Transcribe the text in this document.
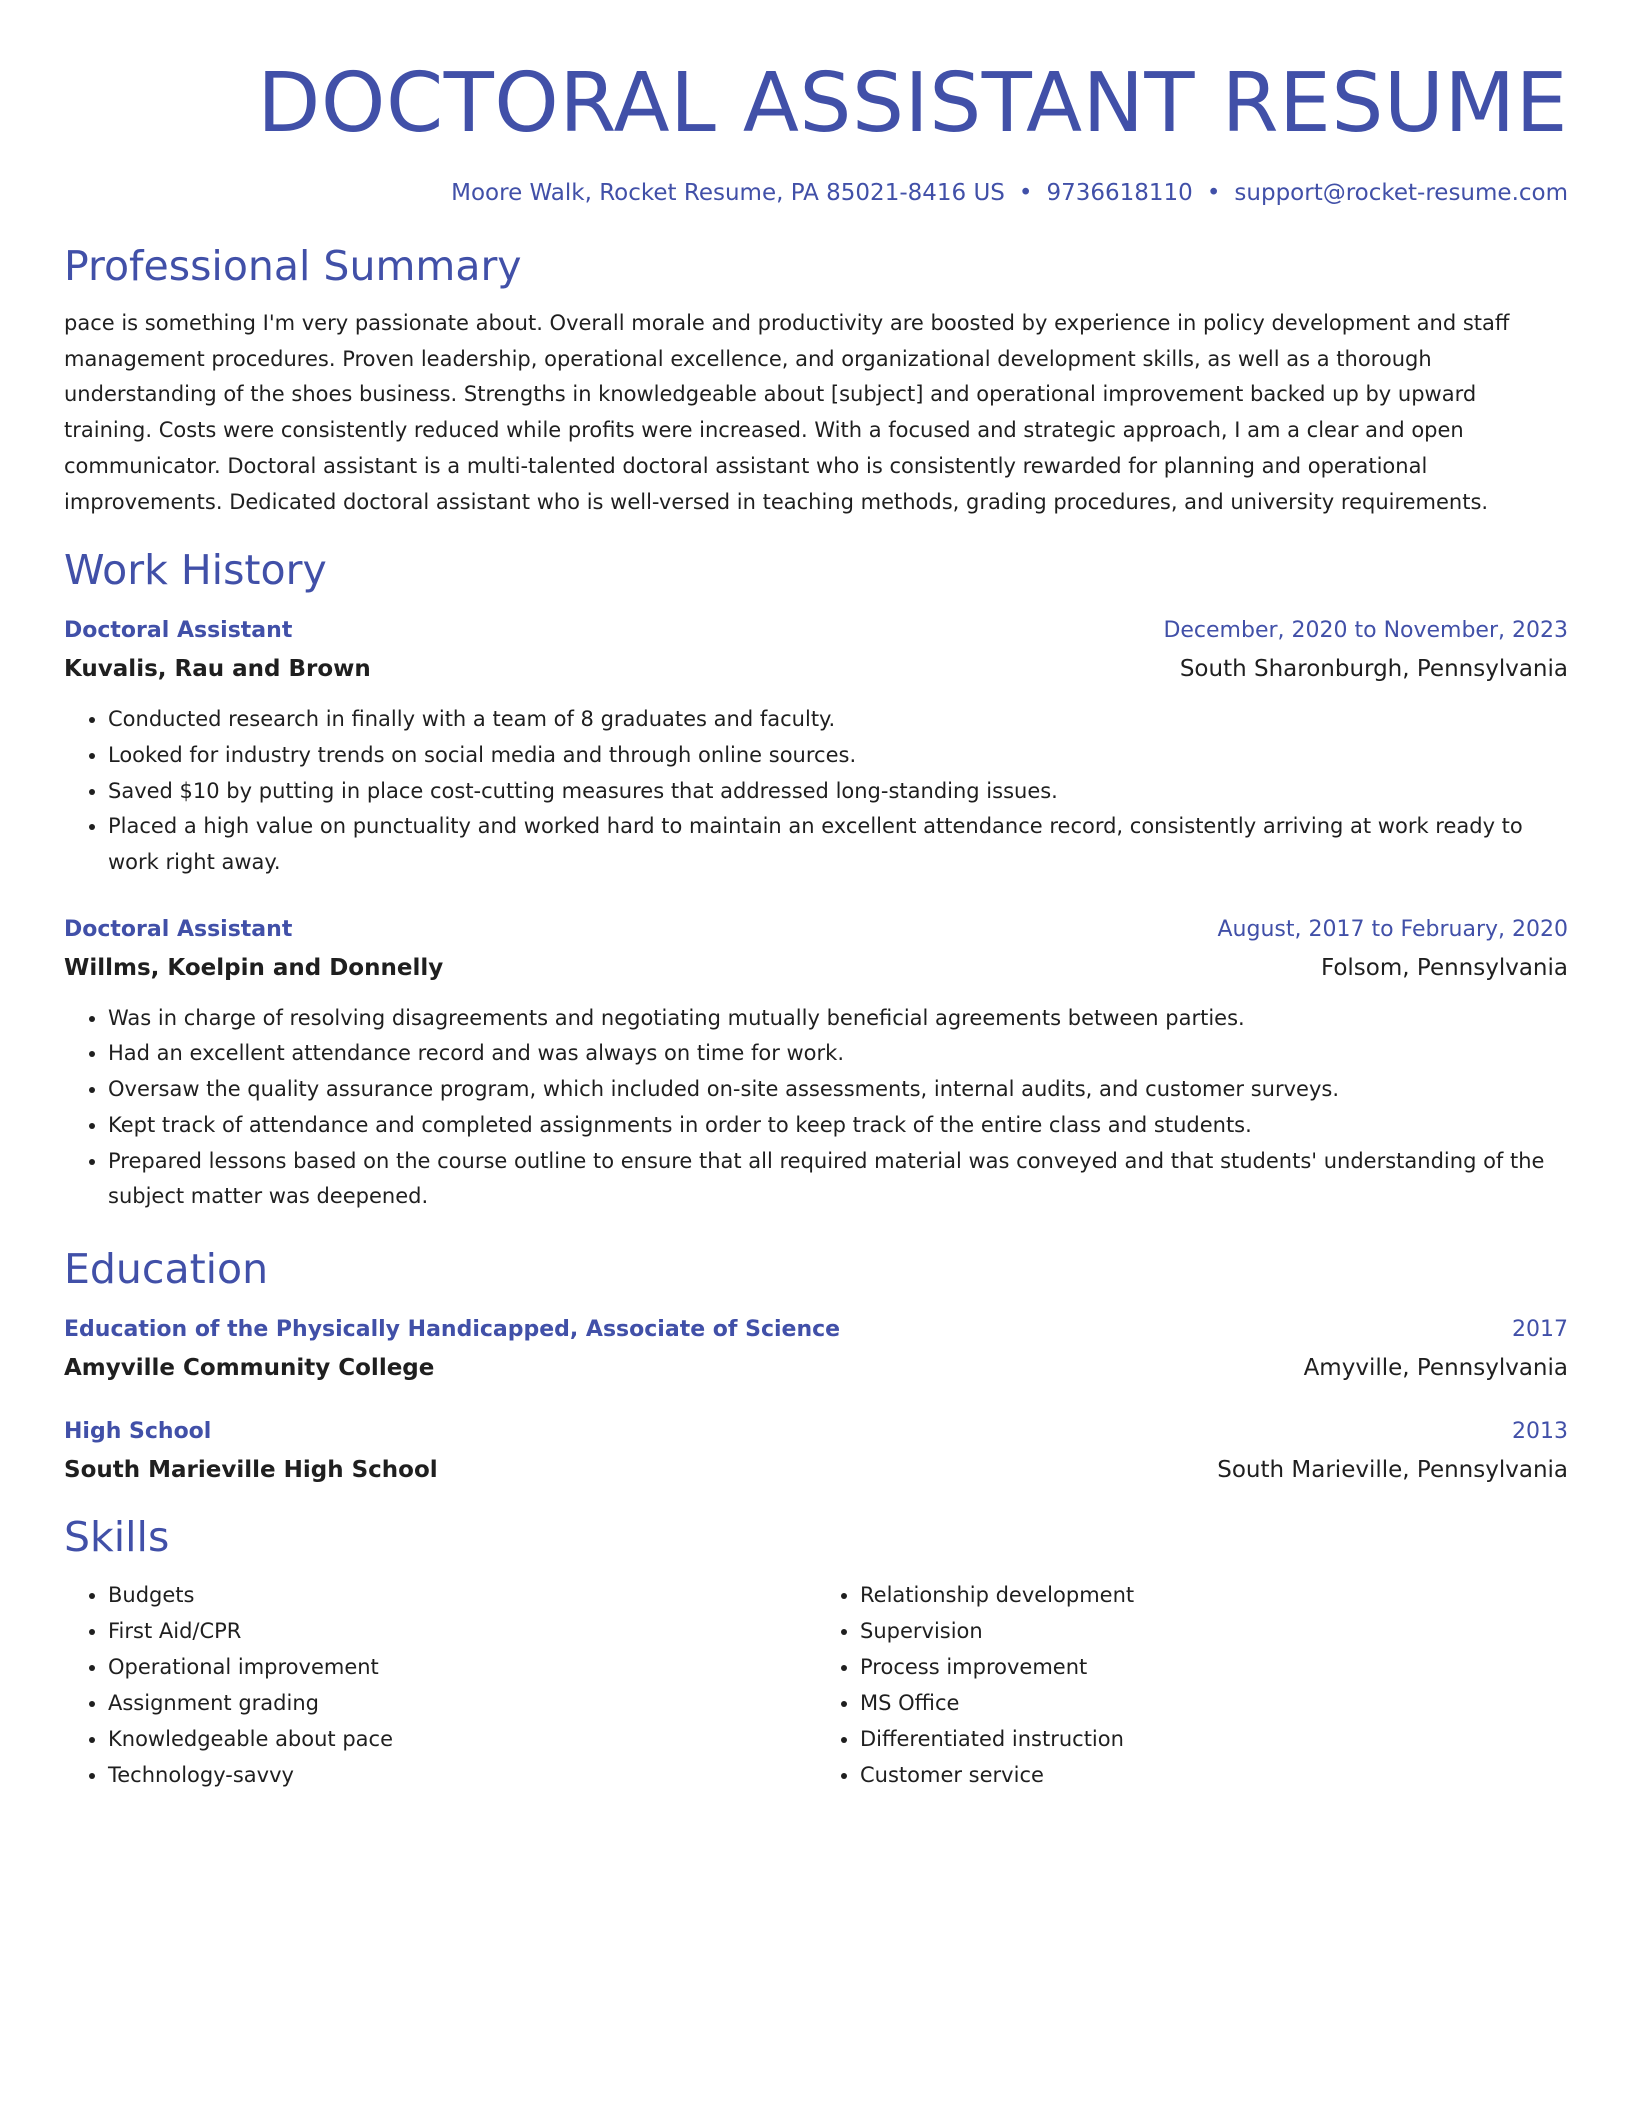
DOCTORAL ASSISTANT RESUME
Moore Walk, Rocket Resume, PA 85021-8416 US • 9736618110 • support@rocket-resume.com
Professional Summary

pace is something I'm very passionate about. Overall morale and productivity are boosted by experience in policy development and staff management procedures. Proven leadership, operational excellence, and organizational development skills, as well as a thorough understanding of the shoes business. Strengths in knowledgeable about [subject] and operational improvement backed up by upward training. Costs were consistently reduced while profits were increased. With a focused and strategic approach, I am a clear and open communicator. Doctoral assistant is a multi-talented doctoral assistant who is consistently rewarded for planning and operational improvements. Dedicated doctoral assistant who is well-versed in teaching methods, grading procedures, and university requirements.

Work History
Doctoral Assistant	December, 2020 to November, 2023
Kuvalis, Rau and Brown	South Sharonburgh, Pennsylvania
• Conducted research in finally with a team of 8 graduates and faculty.
• Looked for industry trends on social media and through online sources.
• Saved $10 by putting in place cost-cutting measures that addressed long-standing issues.
• Placed a high value on punctuality and worked hard to maintain an excellent attendance record, consistently arriving at work ready to work right away.
Doctoral Assistant	August, 2017 to February, 2020
Willms, Koelpin and Donnelly	Folsom, Pennsylvania
• Was in charge of resolving disagreements and negotiating mutually beneficial agreements between parties.
• Had an excellent attendance record and was always on time for work.
• Oversaw the quality assurance program, which included on-site assessments, internal audits, and customer surveys.
• Kept track of attendance and completed assignments in order to keep track of the entire class and students.
• Prepared lessons based on the course outline to ensure that all required material was conveyed and that students' understanding of the subject matter was deepened.
Education
Education of the Physically Handicapped, Associate of Science	2017
Amyville Community College	Amyville, Pennsylvania
High School	2013
South Marieville High School	South Marieville, Pennsylvania
Skills
• Budgets
• First Aid/CPR
• Operational improvement
• Assignment grading
• Knowledgeable about pace
• Technology-savvy
• Relationship development
• Supervision
• Process improvement
• MS Office
• Differentiated instruction
• Customer service
